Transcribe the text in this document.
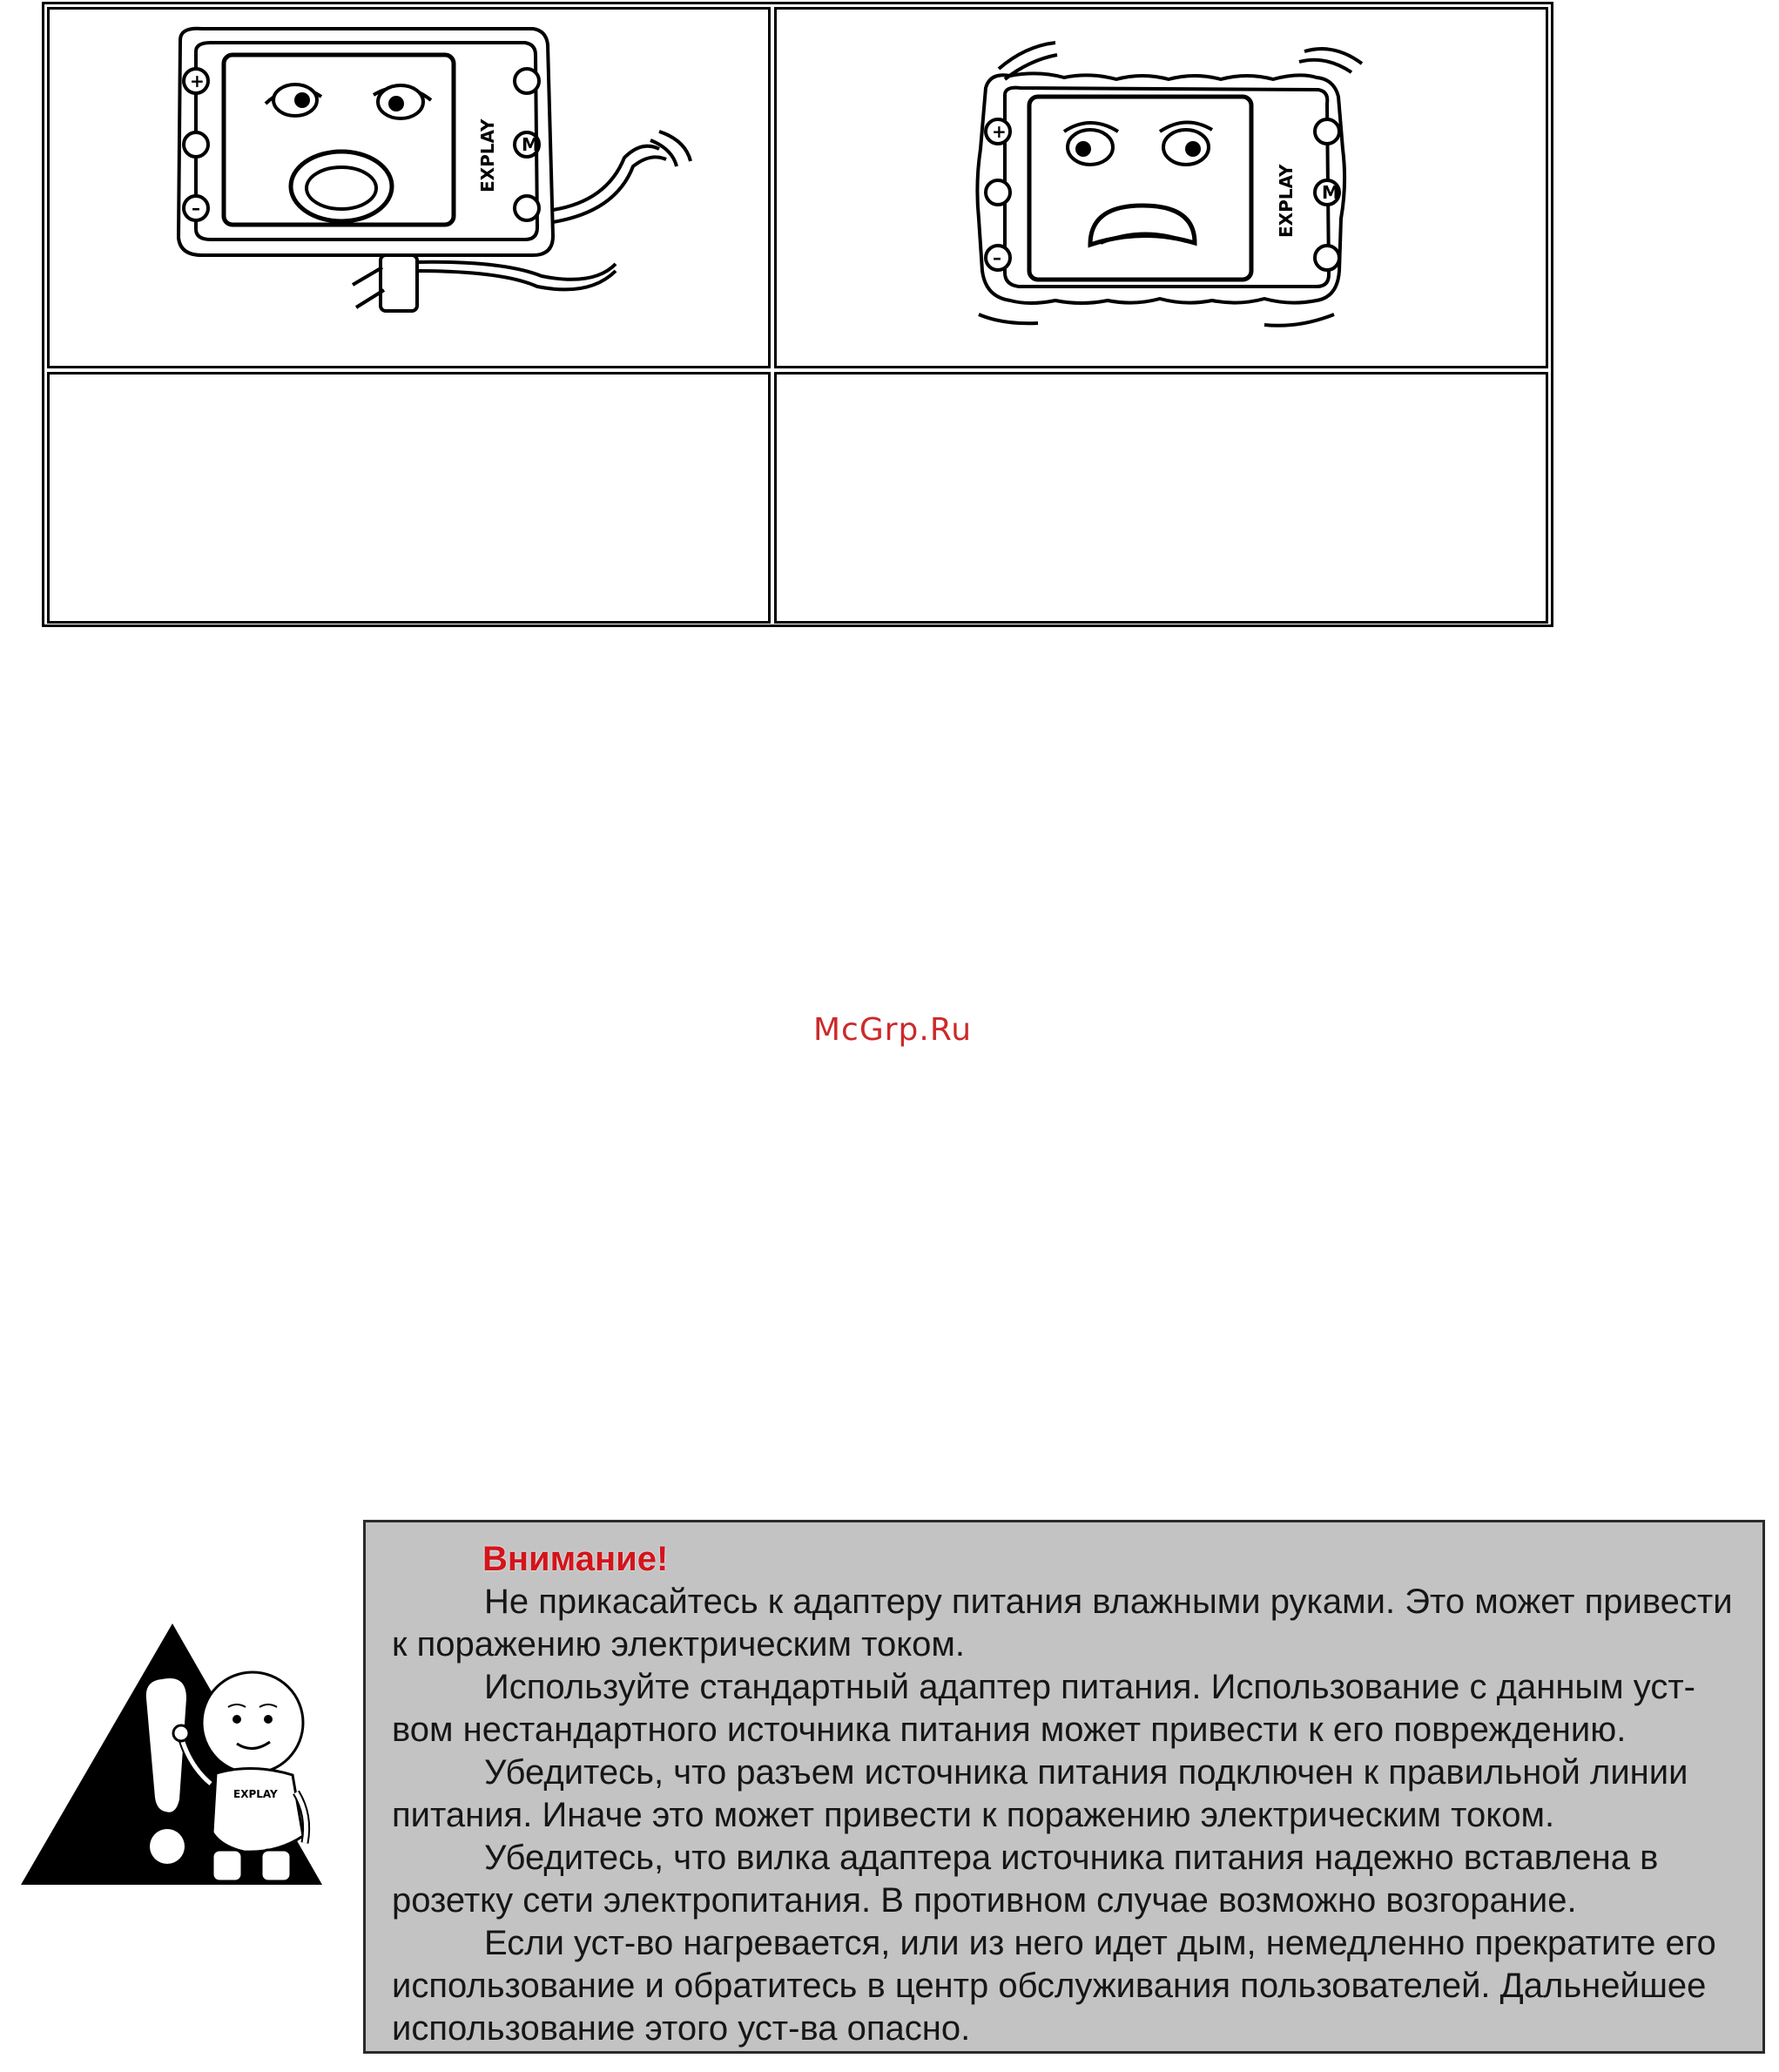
+
–
M
EXPLAY	+
–
M
EXPLAY
McGrp.Ru
EXPLAY
Внимание!

Не прикасайтесь к адаптеру питания влажными руками. Это может привести к поражению электрическим током.

Используйте стандартный адаптер питания. Использование с данным уст-вом нестандартного источника питания может привести к его повреждению.

Убедитесь, что разъем источника питания подключен к правильной линии питания. Иначе это может привести к поражению электрическим током.

Убедитесь, что вилка адаптера источника питания надежно вставлена в розетку сети электропитания. В противном случае возможно возгорание.

Если уст-во нагревается, или из него идет дым, немедленно прекратите его использование и обратитесь в центр обслуживания пользователей. Дальнейшее использование этого уст-ва опасно.
